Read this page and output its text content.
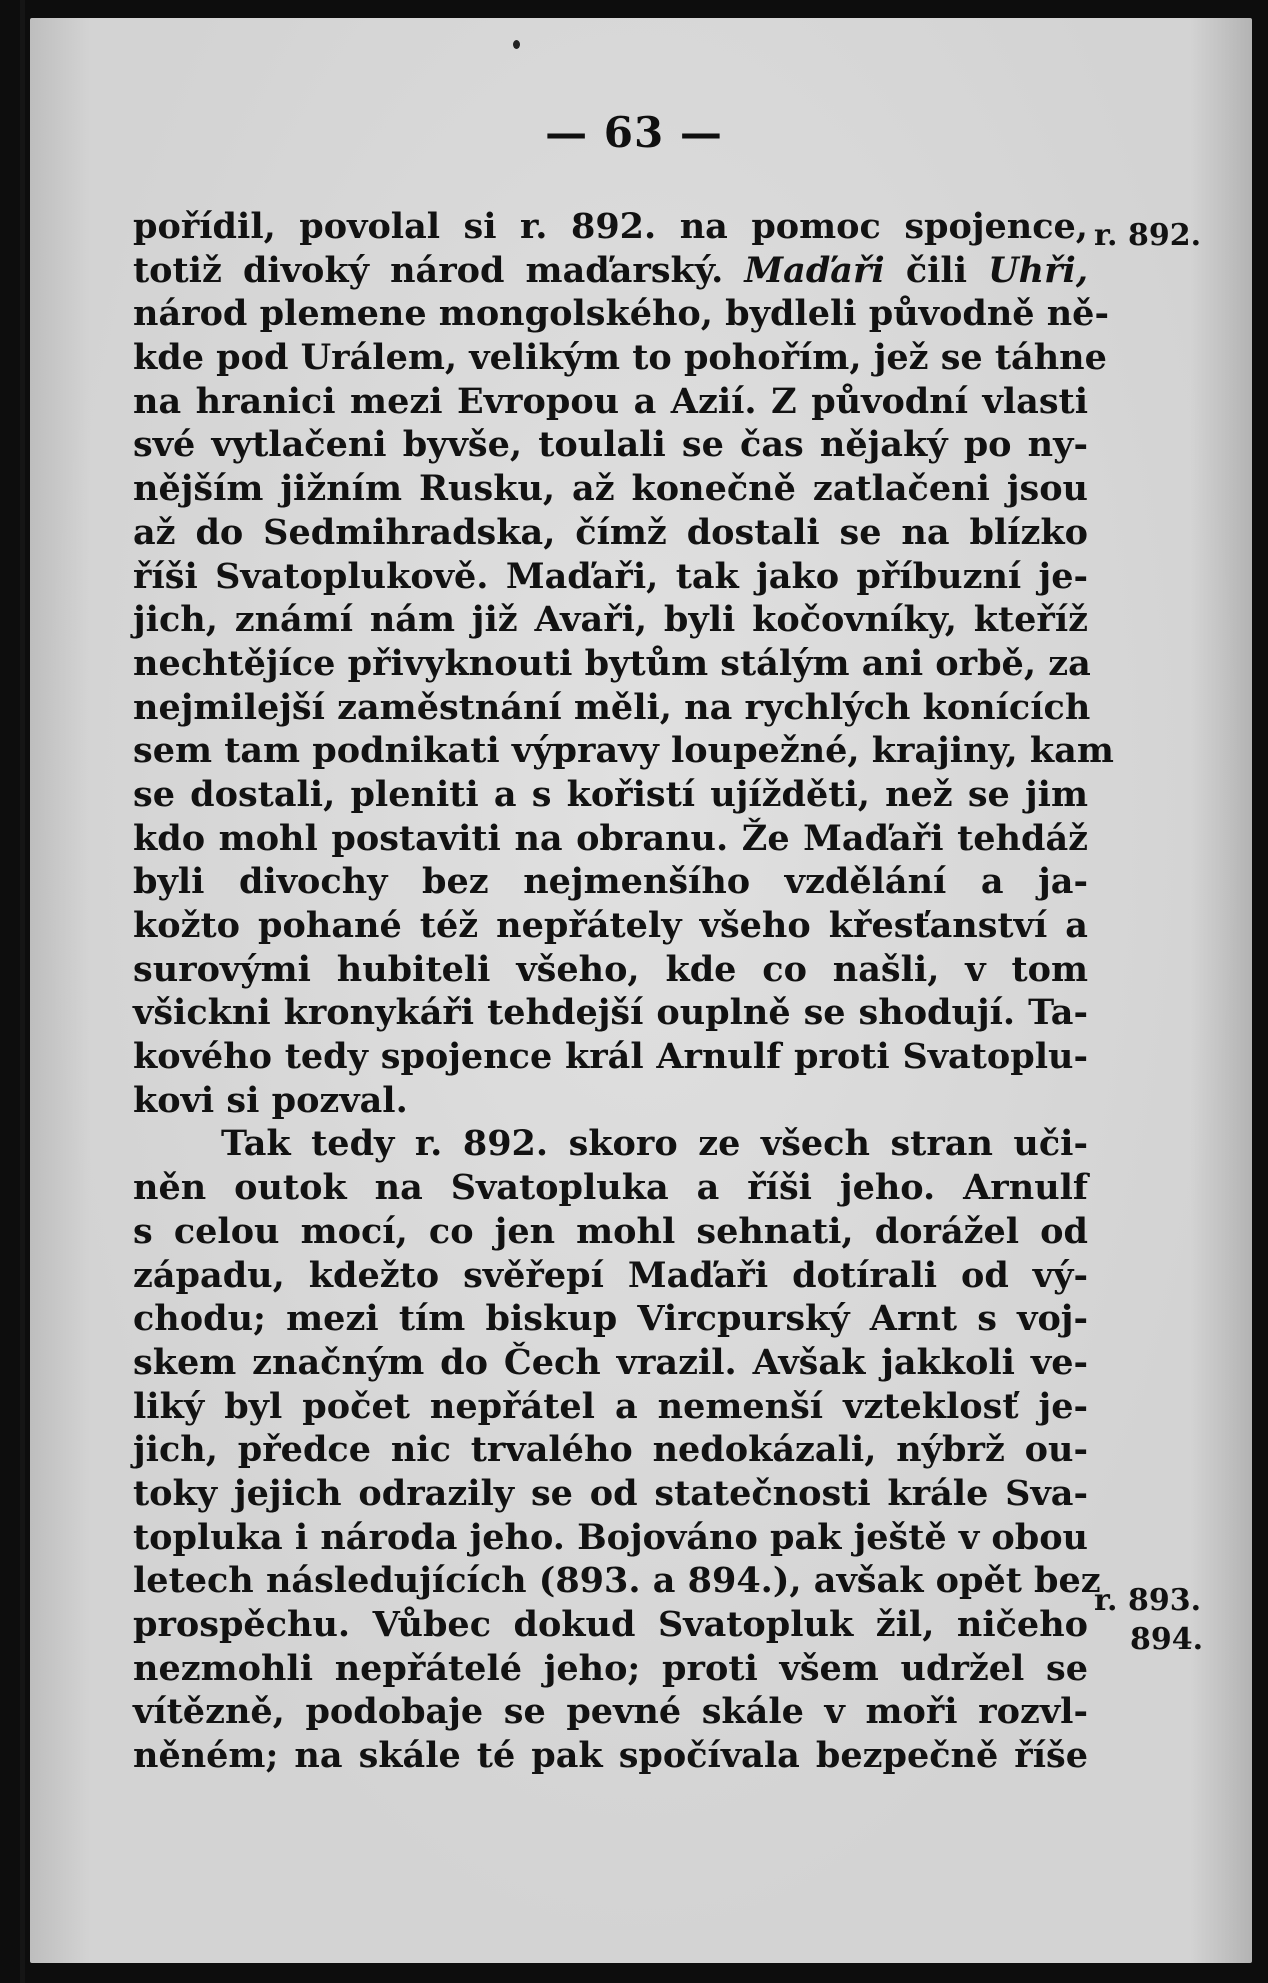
— 63 —
r. 892.
r. 893.
894.
pořídil, povolal si r. 892. na pomoc spojence,
totiž divoký národ maďarský. Maďaři čili Uhři,
národ plemene mongolského, bydleli původně ně-
kde pod Urálem, velikým to pohořím, jež se táhne
na hranici mezi Evropou a Azií. Z původní vlasti
své vytlačeni byvše, toulali se čas nějaký po ny-
nějším jižním Rusku, až konečně zatlačeni jsou
až do Sedmihradska, čímž dostali se na blízko
říši Svatoplukově. Maďaři, tak jako příbuzní je-
jich, známí nám již Avaři, byli kočovníky, kteříž
nechtějíce přivyknouti bytům stálým ani orbě, za
nejmilejší zaměstnání měli, na rychlých konících
sem tam podnikati výpravy loupežné, krajiny, kam
se dostali, pleniti a s kořistí ujížděti, než se jim
kdo mohl postaviti na obranu. Že Maďaři tehdáž
byli divochy bez nejmenšího vzdělání a ja-
kožto pohané též nepřátely všeho křesťanství a
surovými hubiteli všeho, kde co našli, v tom
všickni kronykáři tehdejší ouplně se shodují. Ta-
kového tedy spojence král Arnulf proti Svatoplu-
kovi si pozval.
Tak tedy r. 892. skoro ze všech stran uči-
něn outok na Svatopluka a říši jeho. Arnulf
s celou mocí, co jen mohl sehnati, dorážel od
západu, kdežto svěřepí Maďaři dotírali od vý-
chodu; mezi tím biskup Vircpurský Arnt s voj-
skem značným do Čech vrazil. Avšak jakkoli ve-
liký byl počet nepřátel a nemenší vzteklosť je-
jich, předce nic trvalého nedokázali, nýbrž ou-
toky jejich odrazily se od statečnosti krále Sva-
topluka i národa jeho. Bojováno pak ještě v obou
letech následujících (893. a 894.), avšak opět bez
prospěchu. Vůbec dokud Svatopluk žil, ničeho
nezmohli nepřátelé jeho; proti všem udržel se
vítězně, podobaje se pevné skále v moři rozvl-
něném; na skále té pak spočívala bezpečně říše
